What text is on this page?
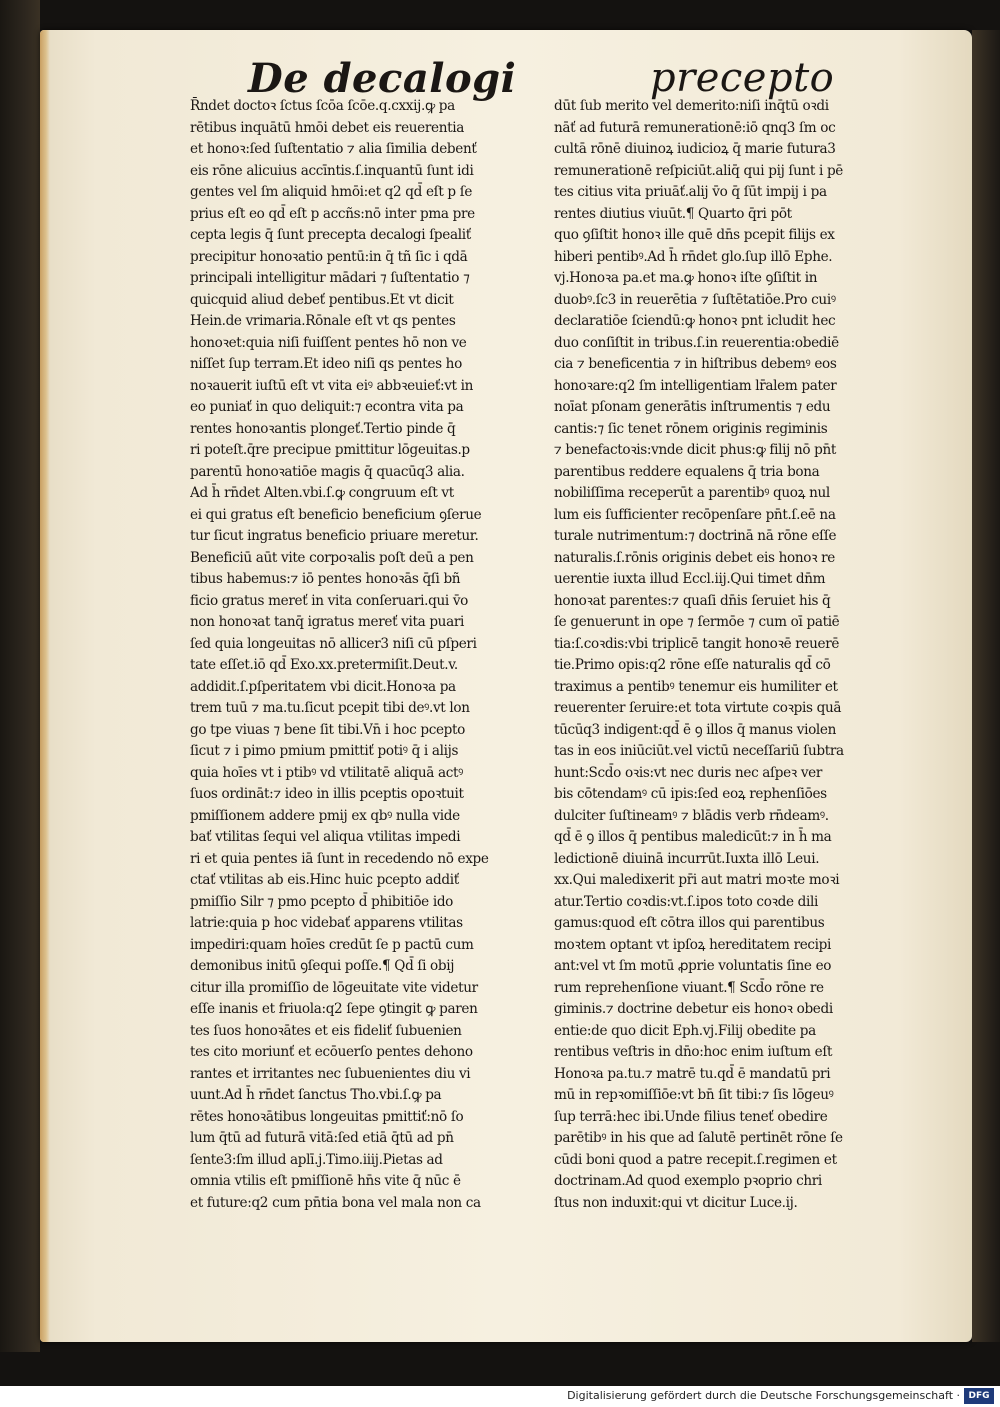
De decalogi	precepto
R̄ndet doctoꝛ ſctus ſcōa ſcōe.q.cxxij.ꝙ pa
rētibus inquātū hmōi debet eis reuerentia
et honoꝛ:ſed ſuſtentatio ⁊ alia ſimilia debenť
eis rōne alicuius accīntis.ſ.inquantū ſunt idi
gentes vel ſm aliquid hmōi:et q2 qd̄ eſt p ſe
prius eſt eo qd̄ eſt p accñs:nō inter pma pre
cepta legis q̄ ſunt precepta decalogi ſpealiť
precipitur honoꝛatio pentū:in q̄ tñ ſic i qdā
principali intelligitur mādari ⁊ ſuſtentatio ⁊
quicquid aliud debeť pentibus.Et vt dicit
Hein.de vrimaria.Rōnale eſt vt qs pentes
honoꝛet:quia niſi fuiſſent pentes hō non ve
niſſet ſup terram.Et ideo niſi qs pentes ho
noꝛauerit iuſtū eſt vt vita eiꝰ abbꝛeuieť:vt in
eo puniať in quo deliquit:⁊ econtra vita pa
rentes honoꝛantis plongeť.Tertio pinde q̄
ri poteſt.q̄re precipue pmittitur lōgeuitas.p
parentū honoꝛatiōe magis q̄ quacūq3 alia.
Ad h̄ rn̄det Alten.vbi.ſ.ꝙ congruum eſt vt
ei qui gratus eſt beneficio beneficium ꝯſerue
tur ſicut ingratus beneficio priuare meretur.
Beneficiū aūt vite corpoꝛalis poſt deū a pen
tibus habemus:⁊ iō pentes honoꝛās q̄ſi bñ
ficio gratus mereť in vita conſeruari.qui v̄o
non honoꝛat tanq̄ igratus mereť vita puari
ſed quia longeuitas nō allicer3 niſi cū pſperi
tate eſſet.iō qd̄ Exo.xx.pretermiſit.Deut.v.
addidit.ſ.pſperitatem vbi dicit.Honoꝛa pa
trem tuū ⁊ ma.tu.ſicut pcepit tibi deꝰ.vt lon
go tpe viuas ⁊ bene ſit tibi.Vn̄ i hoc pcepto
ſicut ⁊ i pimo pmium pmittiť potiꝰ q̄ i alijs
quia hoīes vt i ptibꝰ vd vtilitatē aliquā actꝰ
ſuos ordināt:⁊ ideo in illis pceptis opoꝛtuit
pmiſſionem addere pmij ex qbꝰ nulla vide
bať vtilitas ſequi vel aliqua vtilitas impedi
ri et quia pentes iā ſunt in recedendo nō expe
ctať vtilitas ab eis.Hinc huic pcepto addiť
pmiſſio Silr ⁊ pmo pcepto d̄ phibitiōe ido
latrie:quia p hoc videbať apparens vtilitas
impediri:quam hoīes credūt ſe p pactū cum
demonibus initū ꝯſequi poſſe.¶ Qd̄ ſi obij
citur illa promiſſio de lōgeuitate vite videtur
eſſe inanis et friuola:q2 ſepe ꝯtingit ꝙ paren
tes ſuos honoꝛātes et eis fideliť ſubuenien
tes cito moriunť et ecōuerſo pentes dehono
rantes et irritantes nec ſubuenientes diu vi
uunt.Ad h̄ rn̄det ſanctus Tho.vbi.ſ.ꝙ pa
rētes honoꝛātibus longeuitas pmittiť:nō ſo
lum q̄tū ad futurā vitā:ſed etiā q̄tū ad pn̄
ſente3:ſm illud aplī.j.Timo.iiij.Pietas ad
omnia vtilis eſt pmiſſionē hn̄s vite q̄ nūc ē
et future:q2 cum pn̄tia bona vel mala non ca
dūt ſub merito vel demerito:niſi inq̄tū oꝛdi
nāť ad futurā remunerationē:iō qnq3 ſm oc
cultā rōnē diuinoꝝ iudicioꝝ q̄ marie futura3
remunerationē reſpiciūt.aliq̄ qui pij ſunt i pē
tes citius vita priuāť.alij v̄o q̄ ſūt impij i pa
rentes diutius viuūt.¶ Quarto q̄ri pōt
quo ꝯſiſtit honoꝛ ille quē dn̄s pcepit filijs ex
hiberi pentibꝰ.Ad h̄ rn̄det glo.ſup illō Ephe.
vj.Honoꝛa pa.et ma.ꝙ honoꝛ iſte ꝯſiſtit in
duobꝰ.ſc3 in reuerētia ⁊ ſuſtētatiōe.Pro cuiꝰ
declaratiōe ſciendū:ꝙ honoꝛ pnt icludit hec
duo conſiſtit in tribus.ſ.in reuerentia:obediē
cia ⁊ beneficentia ⁊ in hiſtribus debemꝰ eos
honoꝛare:q2 ſm intelligentiam lr̄alem pater
noīat pſonam generātis inſtrumentis ⁊ edu
cantis:⁊ ſic tenet rōnem originis regiminis
⁊ benefactoꝛis:vnde dicit phus:ꝙ filij nō pn̄t
parentibus reddere equalens q̄ tria bona
nobiliſſima receperūt a parentibꝰ quoꝝ nul
lum eis ſufficienter recōpenſare pn̄t.ſ.eē na
turale nutrimentum:⁊ doctrinā nā rōne eſſe
naturalis.ſ.rōnis originis debet eis honoꝛ re
uerentie iuxta illud Eccl.iij.Qui timet dn̄m
honoꝛat parentes:⁊ quaſi dn̄is ſeruiet his q̄
ſe genuerunt in ope ⁊ ſermōe ⁊ cum oī patiē
tia:ſ.coꝛdis:vbi triplicē tangit honoꝛē reuerē
tie.Primo opis:q2 rōne eſſe naturalis qd̄ cō
traximus a pentibꝰ tenemur eis humiliter et
reuerenter ſeruire:et tota virtute coꝛpis quā
tūcūq3 indigent:qd̄ ē ꝯ illos q̄ manus violen
tas in eos iniūciūt.vel victū neceſſariū ſubtra
hunt:Scd̄o oꝛis:vt nec duris nec aſpeꝛ ver
bis cōtendamꝰ cū ipis:ſed eoꝝ rephenſiōes
dulciter ſuſtineamꝰ ⁊ blādis verb rn̄deamꝰ.
qd̄ ē ꝯ illos q̄ pentibus maledicūt:⁊ in h̄ ma
ledictionē diuinā incurrūt.Iuxta illō Leui.
xx.Qui maledixerit pr̄i aut matri moꝛte moꝛi
atur.Tertio coꝛdis:vt.ſ.ipos toto coꝛde dili
gamus:quod eſt cōtra illos qui parentibus
moꝛtem optant vt ipſoꝝ hereditatem recipi
ant:vel vt ſm motū ꝓprie voluntatis ſine eo
rum reprehenſione viuant.¶ Scd̄o rōne re
giminis.⁊ doctrine debetur eis honoꝛ obedi
entie:de quo dicit Eph.vj.Filij obedite pa
rentibus veſtris in dn̄o:hoc enim iuſtum eſt
Honoꝛa pa.tu.⁊ matrē tu.qd̄ ē mandatū pri
mū in repꝛomiſſiōe:vt bn̄ ſit tibi:⁊ ſis lōgeuꝰ
ſup terrā:hec ibi.Unde filius teneť obedire
parētibꝰ in his que ad ſalutē pertinēt rōne ſe
cūdi boni quod a patre recepit.ſ.regimen et
doctrinam.Ad quod exemplo pꝛoprio chri
ſtus non induxit:qui vt dicitur Luce.ij.
Digitalisierung gefördert durch die Deutsche Forschungsgemeinschaft · DFG
